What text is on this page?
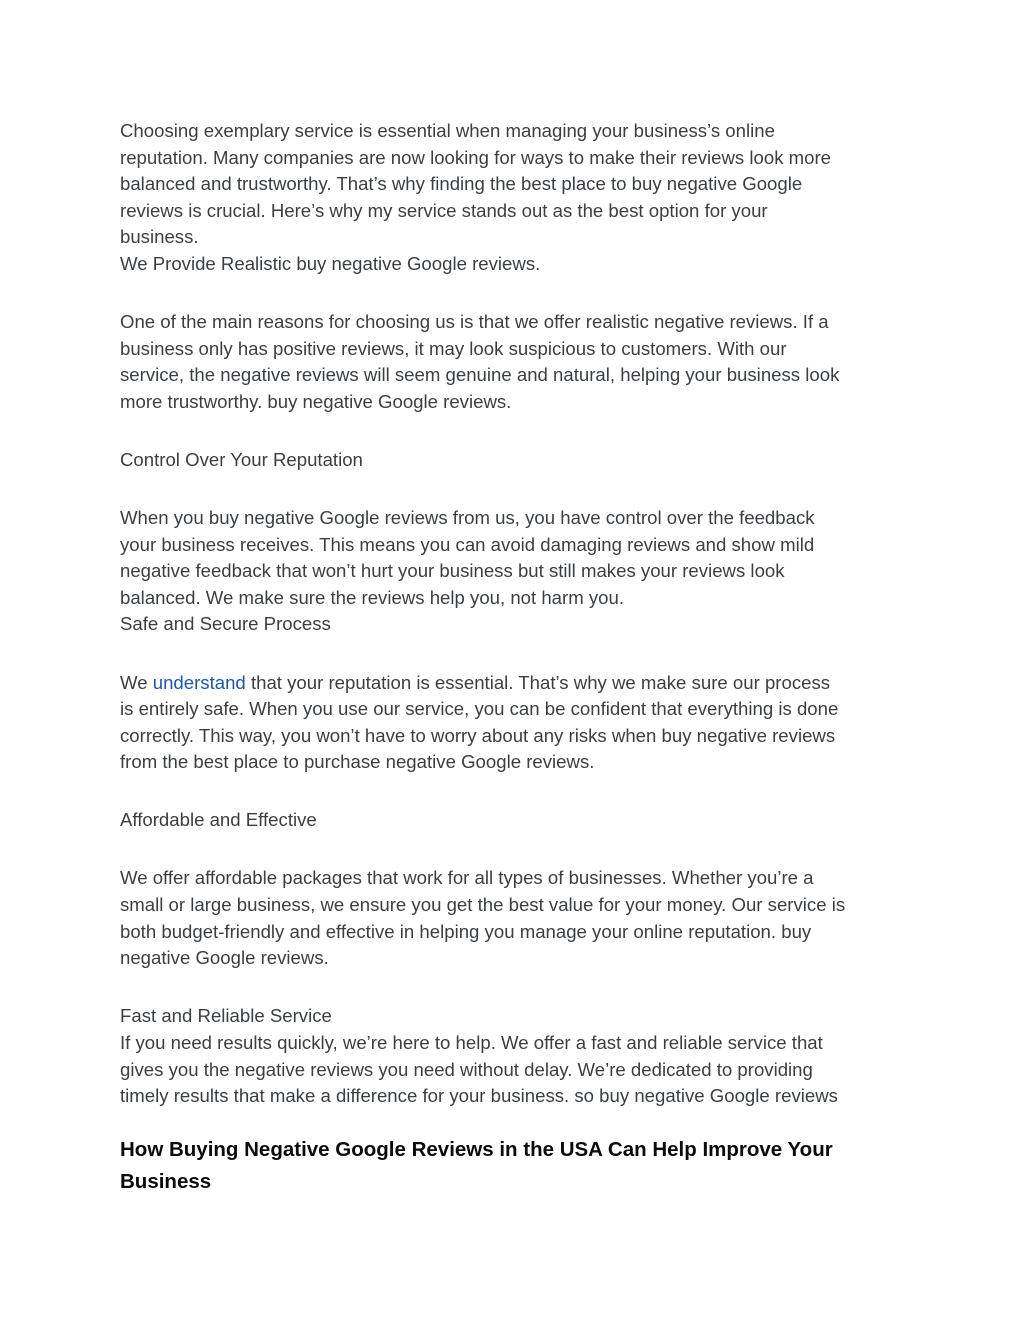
Choosing exemplary service is essential when managing your business’s online
reputation. Many companies are now looking for ways to make their reviews look more
balanced and trustworthy. That’s why finding the best place to buy negative Google
reviews is crucial. Here’s why my service stands out as the best option for your
business.
We Provide Realistic buy negative Google reviews.
One of the main reasons for choosing us is that we offer realistic negative reviews. If a
business only has positive reviews, it may look suspicious to customers. With our
service, the negative reviews will seem genuine and natural, helping your business look
more trustworthy. buy negative Google reviews.
Control Over Your Reputation
When you buy negative Google reviews from us, you have control over the feedback
your business receives. This means you can avoid damaging reviews and show mild
negative feedback that won’t hurt your business but still makes your reviews look
balanced. We make sure the reviews help you, not harm you.
Safe and Secure Process
We understand that your reputation is essential. That’s why we make sure our process
is entirely safe. When you use our service, you can be confident that everything is done
correctly. This way, you won’t have to worry about any risks when buy negative reviews
from the best place to purchase negative Google reviews.
Affordable and Effective
We offer affordable packages that work for all types of businesses. Whether you’re a
small or large business, we ensure you get the best value for your money. Our service is
both budget-friendly and effective in helping you manage your online reputation. buy
negative Google reviews.
Fast and Reliable Service
If you need results quickly, we’re here to help. We offer a fast and reliable service that
gives you the negative reviews you need without delay. We’re dedicated to providing
timely results that make a difference for your business. so buy negative Google reviews
How Buying Negative Google Reviews in the USA Can Help Improve Your
Business
